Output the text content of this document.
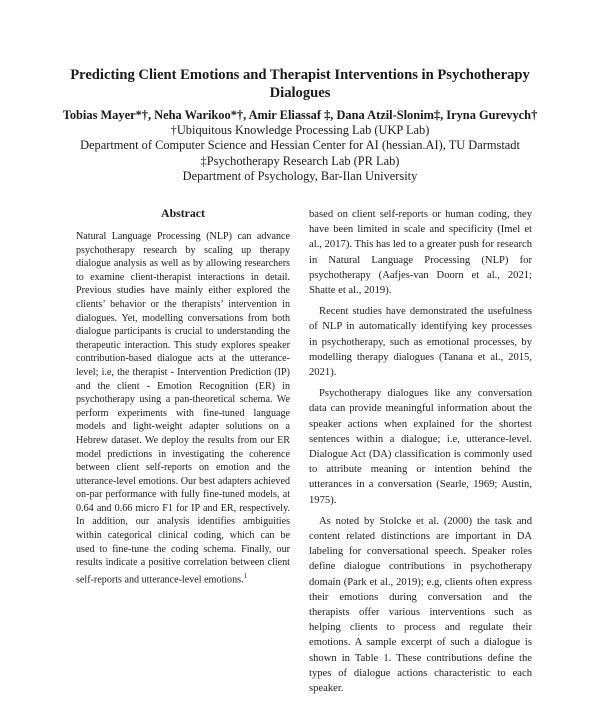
Predicting Client Emotions and Therapist Interventions in Psychotherapy Dialogues
Tobias Mayer*†, Neha Warikoo*†, Amir Eliassaf ‡, Dana Atzil-Slonim‡, Iryna Gurevych†
†Ubiquitous Knowledge Processing Lab (UKP Lab)
Department of Computer Science and Hessian Center for AI (hessian.AI), TU Darmstadt
‡Psychotherapy Research Lab (PR Lab)
Department of Psychology, Bar-Ilan University
Abstract

Natural Language Processing (NLP) can advance psychotherapy research by scaling up therapy dialogue analysis as well as by allowing researchers to examine client-therapist interactions in detail. Previous studies have mainly either explored the clients’ behavior or the therapists’ intervention in dialogues. Yet, modelling conversations from both dialogue participants is crucial to understanding the therapeutic interaction. This study explores speaker contribution-based dialogue acts at the utterance-level; i.e, the therapist - Intervention Prediction (IP) and the client - Emotion Recognition (ER) in psychotherapy using a pan-theoretical schema. We perform experiments with fine-tuned language models and light-weight adapter solutions on a Hebrew dataset. We deploy the results from our ER model predictions in investigating the coherence between client self-reports on emotion and the utterance-level emotions. Our best adapters achieved on-par performance with fully fine-tuned models, at 0.64 and 0.66 micro F1 for IP and ER, respectively. In addition, our analysis identifies ambiguities within categorical clinical coding, which can be used to fine-tune the coding schema. Finally, our results indicate a positive correlation between client self-reports and utterance-level emotions.$^1$

based on client self-reports or human coding, they have been limited in scale and specificity (Imel et al., 2017). This has led to a greater push for research in Natural Language Processing (NLP) for psychotherapy (Aafjes-van Doorn et al., 2021; Shatte et al., 2019).

Recent studies have demonstrated the usefulness of NLP in automatically identifying key processes in psychotherapy, such as emotional processes, by modelling therapy dialogues (Tanana et al., 2015, 2021).

Psychotherapy dialogues like any conversation data can provide meaningful information about the speaker actions when explained for the shortest sentences within a dialogue; i.e, utterance-level. Dialogue Act (DA) classification is commonly used to attribute meaning or intention behind the utterances in a conversation (Searle, 1969; Austin, 1975).

As noted by Stolcke et al. (2000) the task and content related distinctions are important in DA labeling for conversational speech. Speaker roles define dialogue contributions in psychotherapy domain (Park et al., 2019); e.g, clients often express their emotions during conversation and the therapists offer various interventions such as helping clients to process and regulate their emotions. A sample excerpt of such a dialogue is shown in Table 1. These contributions define the types of dialogue actions characteristic to each speaker.
